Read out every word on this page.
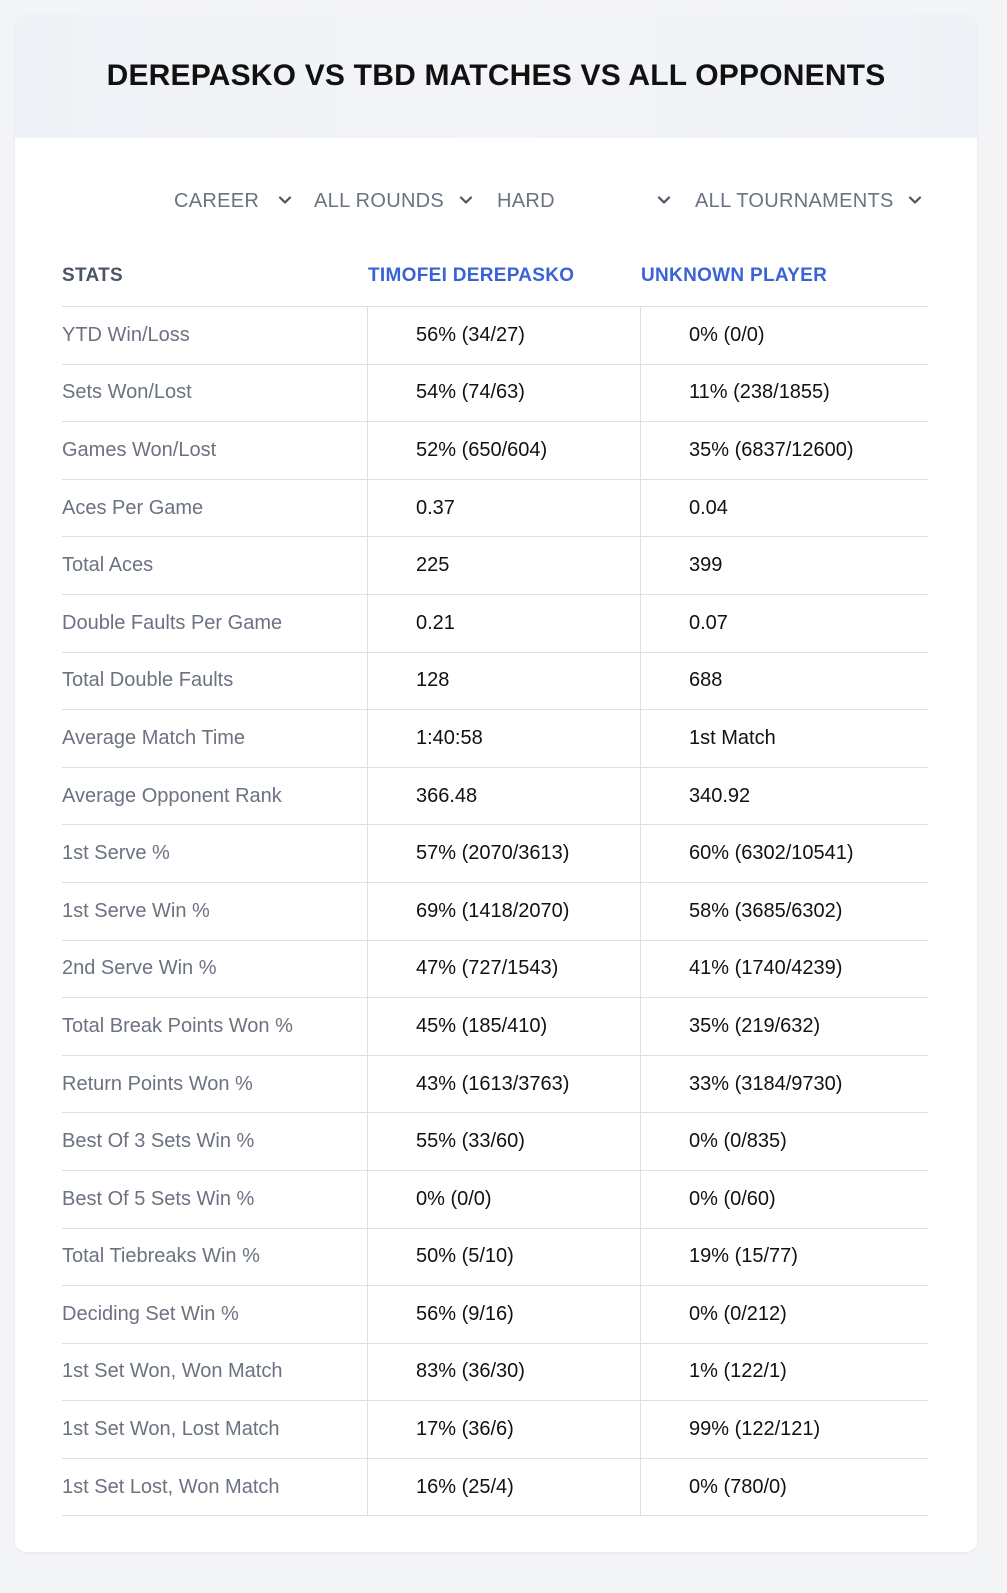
DEREPASKO VS TBD MATCHES VS ALL OPPONENTS
CAREER	ALL ROUNDS	HARD	ALL TOURNAMENTS
STATS	TIMOFEI DEREPASKO	UNKNOWN PLAYER
YTD Win/Loss	56% (34/27)	0% (0/0)
Sets Won/Lost	54% (74/63)	11% (238/1855)
Games Won/Lost	52% (650/604)	35% (6837/12600)
Aces Per Game	0.37	0.04
Total Aces	225	399
Double Faults Per Game	0.21	0.07
Total Double Faults	128	688
Average Match Time	1:40:58	1st Match
Average Opponent Rank	366.48	340.92
1st Serve %	57% (2070/3613)	60% (6302/10541)
1st Serve Win %	69% (1418/2070)	58% (3685/6302)
2nd Serve Win %	47% (727/1543)	41% (1740/4239)
Total Break Points Won %	45% (185/410)	35% (219/632)
Return Points Won %	43% (1613/3763)	33% (3184/9730)
Best Of 3 Sets Win %	55% (33/60)	0% (0/835)
Best Of 5 Sets Win %	0% (0/0)	0% (0/60)
Total Tiebreaks Win %	50% (5/10)	19% (15/77)
Deciding Set Win %	56% (9/16)	0% (0/212)
1st Set Won, Won Match	83% (36/30)	1% (122/1)
1st Set Won, Lost Match	17% (36/6)	99% (122/121)
1st Set Lost, Won Match	16% (25/4)	0% (780/0)
